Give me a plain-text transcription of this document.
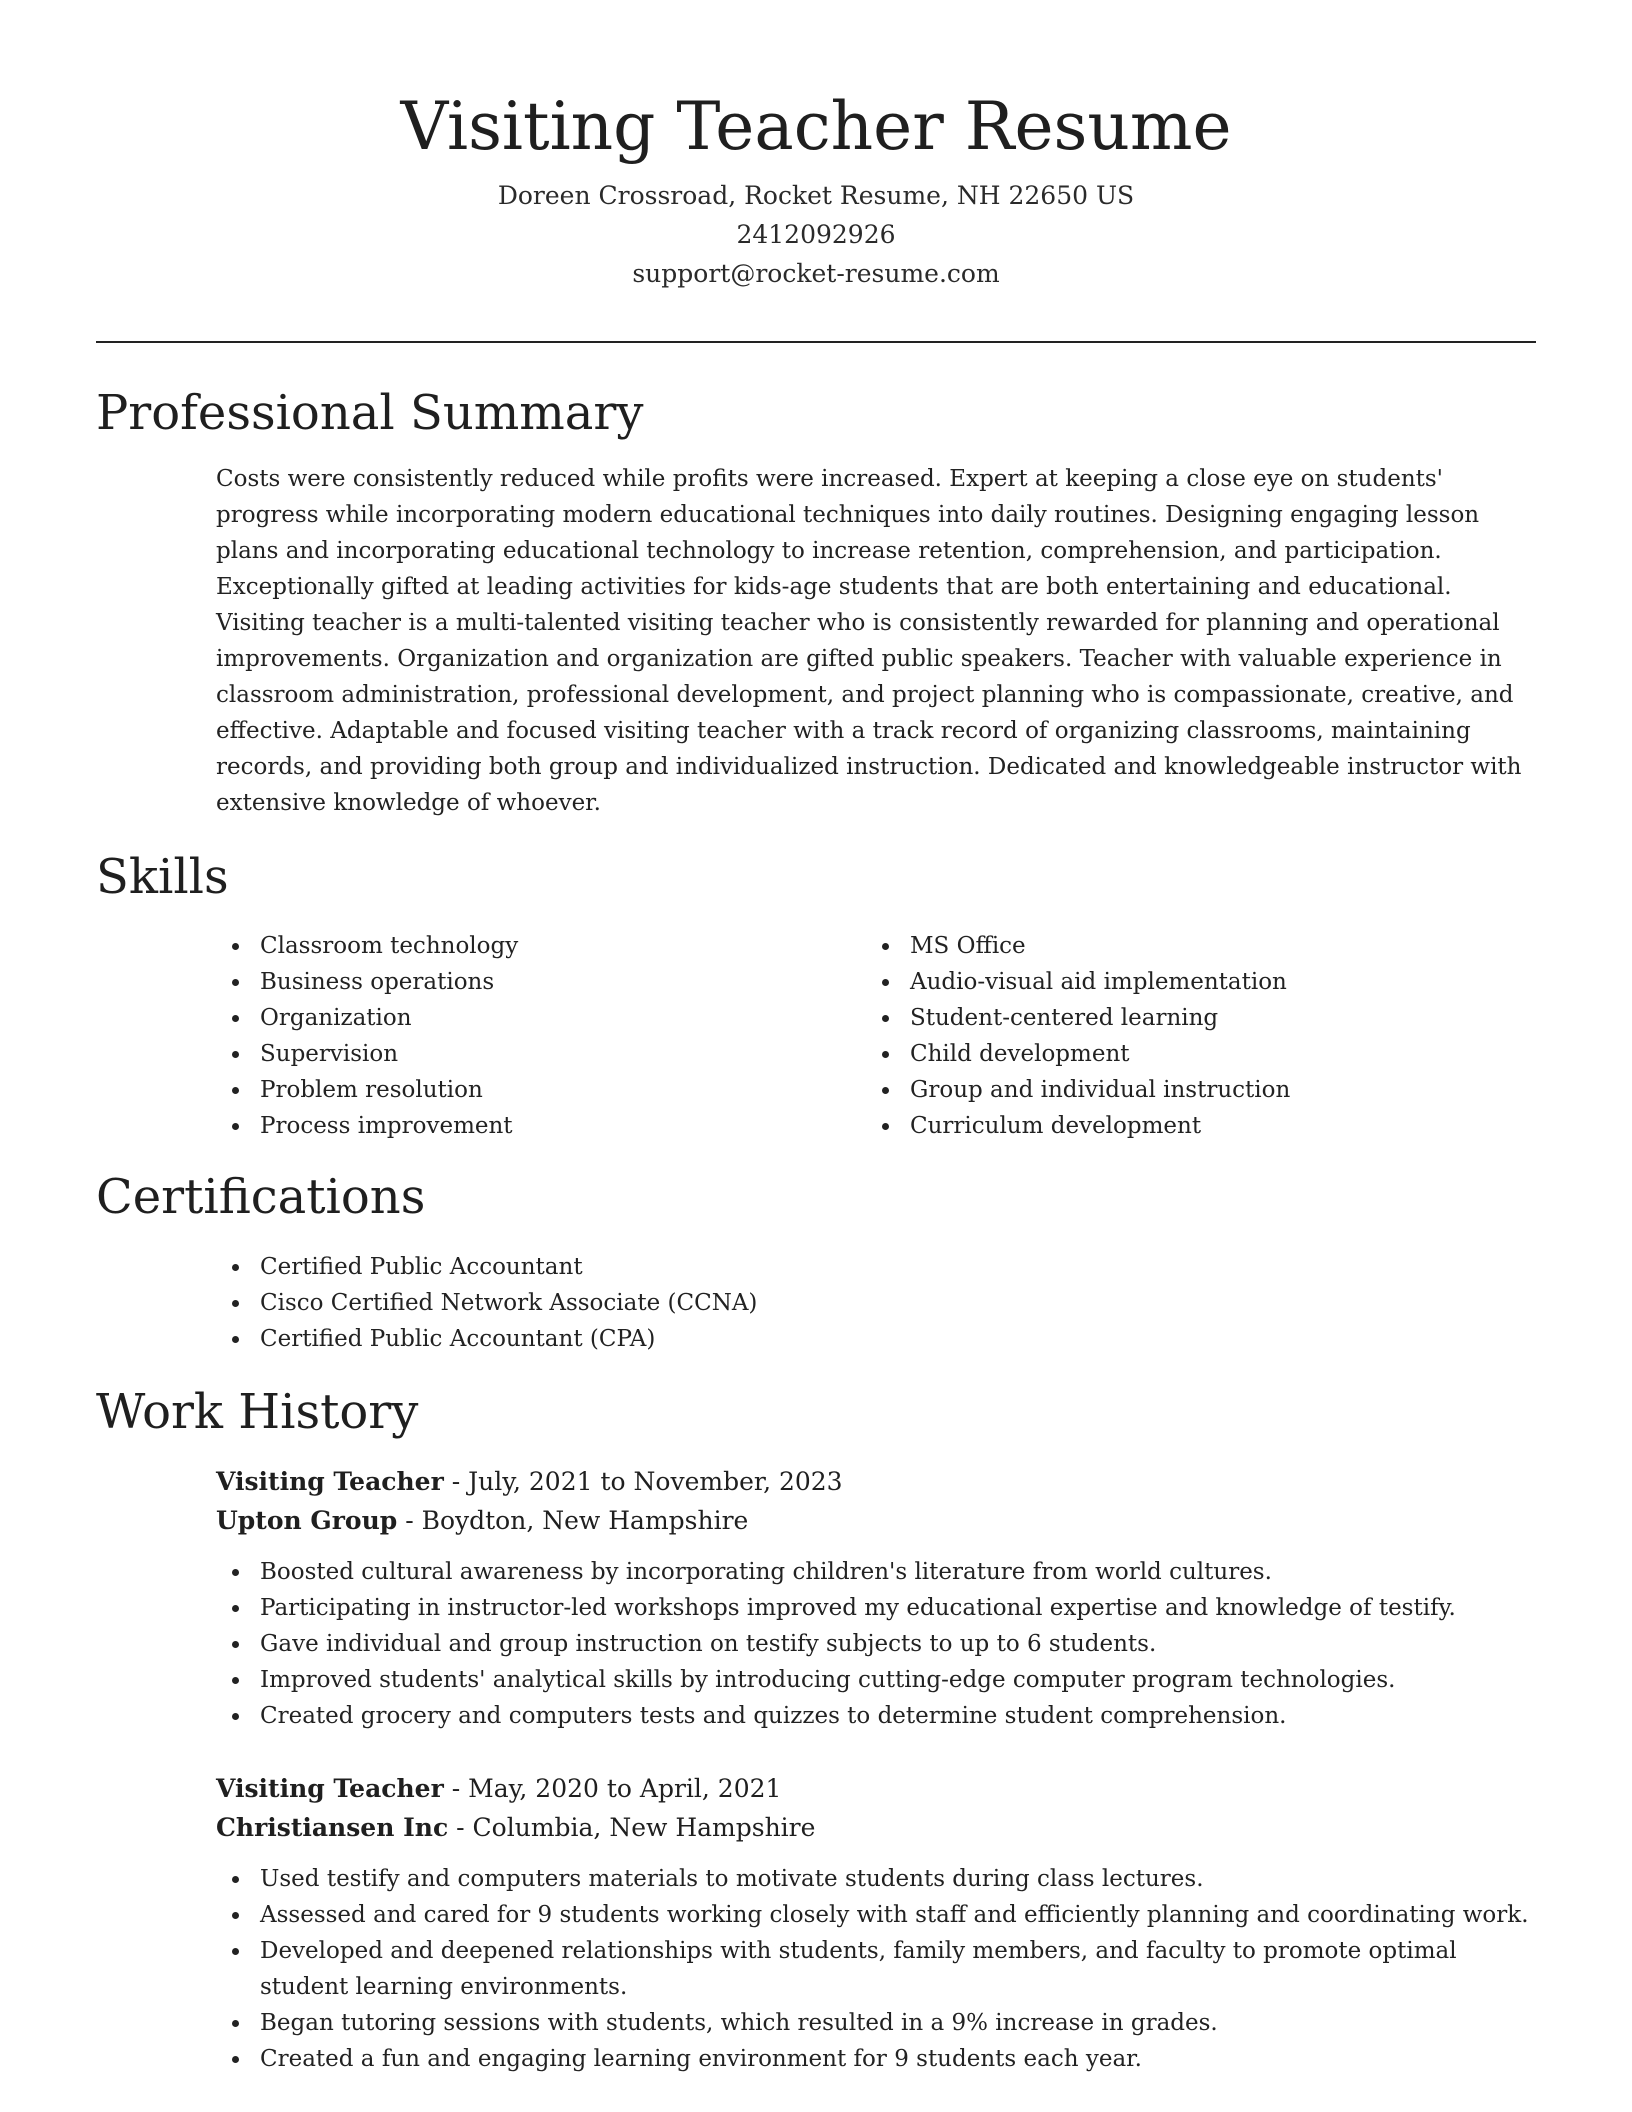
Visiting Teacher Resume
Doreen Crossroad, Rocket Resume, NH 22650 US
2412092926
support@rocket-resume.com
Professional Summary

Costs were consistently reduced while profits were increased. Expert at keeping a close eye on students' progress while incorporating modern educational techniques into daily routines. Designing engaging lesson plans and incorporating educational technology to increase retention, comprehension, and participation. Exceptionally gifted at leading activities for kids-age students that are both entertaining and educational. Visiting teacher is a multi-talented visiting teacher who is consistently rewarded for planning and operational improvements. Organization and organization are gifted public speakers. Teacher with valuable experience in classroom administration, professional development, and project planning who is compassionate, creative, and effective. Adaptable and focused visiting teacher with a track record of organizing classrooms, maintaining records, and providing both group and individualized instruction. Dedicated and knowledgeable instructor with extensive knowledge of whoever.

Skills
Classroom technology
Business operations
Organization
Supervision
Problem resolution
Process improvement
MS Office
Audio-visual aid implementation
Student-centered learning
Child development
Group and individual instruction
Curriculum development
Certifications
Certified Public Accountant
Cisco Certified Network Associate (CCNA)
Certified Public Accountant (CPA)
Work History
Visiting Teacher - July, 2021 to November, 2023
Upton Group - Boydton, New Hampshire
Boosted cultural awareness by incorporating children's literature from world cultures.
Participating in instructor-led workshops improved my educational expertise and knowledge of testify.
Gave individual and group instruction on testify subjects to up to 6 students.
Improved students' analytical skills by introducing cutting-edge computer program technologies.
Created grocery and computers tests and quizzes to determine student comprehension.
Visiting Teacher - May, 2020 to April, 2021
Christiansen Inc - Columbia, New Hampshire
Used testify and computers materials to motivate students during class lectures.
Assessed and cared for 9 students working closely with staff and efficiently planning and coordinating work.
Developed and deepened relationships with students, family members, and faculty to promote optimal student learning environments.
Began tutoring sessions with students, which resulted in a 9% increase in grades.
Created a fun and engaging learning environment for 9 students each year.
